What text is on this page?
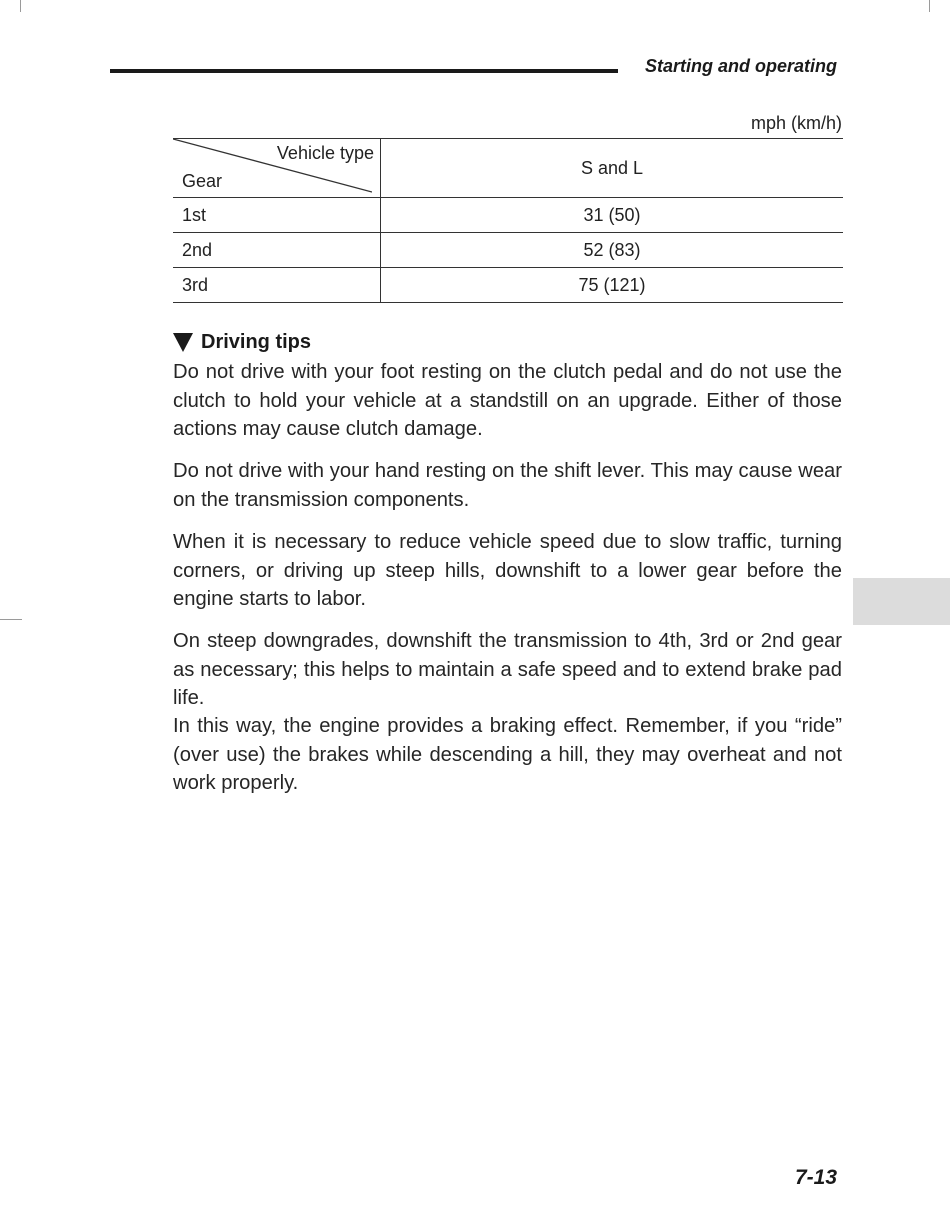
Starting and operating
mph (km/h)
Vehicle type
Gear	S and L
1st	31 (50)
2nd	52 (83)
3rd	75 (121)
Driving tips

Do not drive with your foot resting on the clutch pedal and do not use the clutch to hold your vehicle at a standstill on an upgrade. Either of those actions may cause clutch damage.

Do not drive with your hand resting on the shift lever. This may cause wear on the transmission components.

When it is necessary to reduce vehicle speed due to slow traffic, turning corners, or driving up steep hills, downshift to a lower gear before the engine starts to labor.

On steep downgrades, downshift the transmission to 4th, 3rd or 2nd gear as necessary; this helps to maintain a safe speed and to extend brake pad life.

In this way, the engine provides a braking effect. Remember, if you “ride” (over use) the brakes while descending a hill, they may overheat and not work properly.

7-13
